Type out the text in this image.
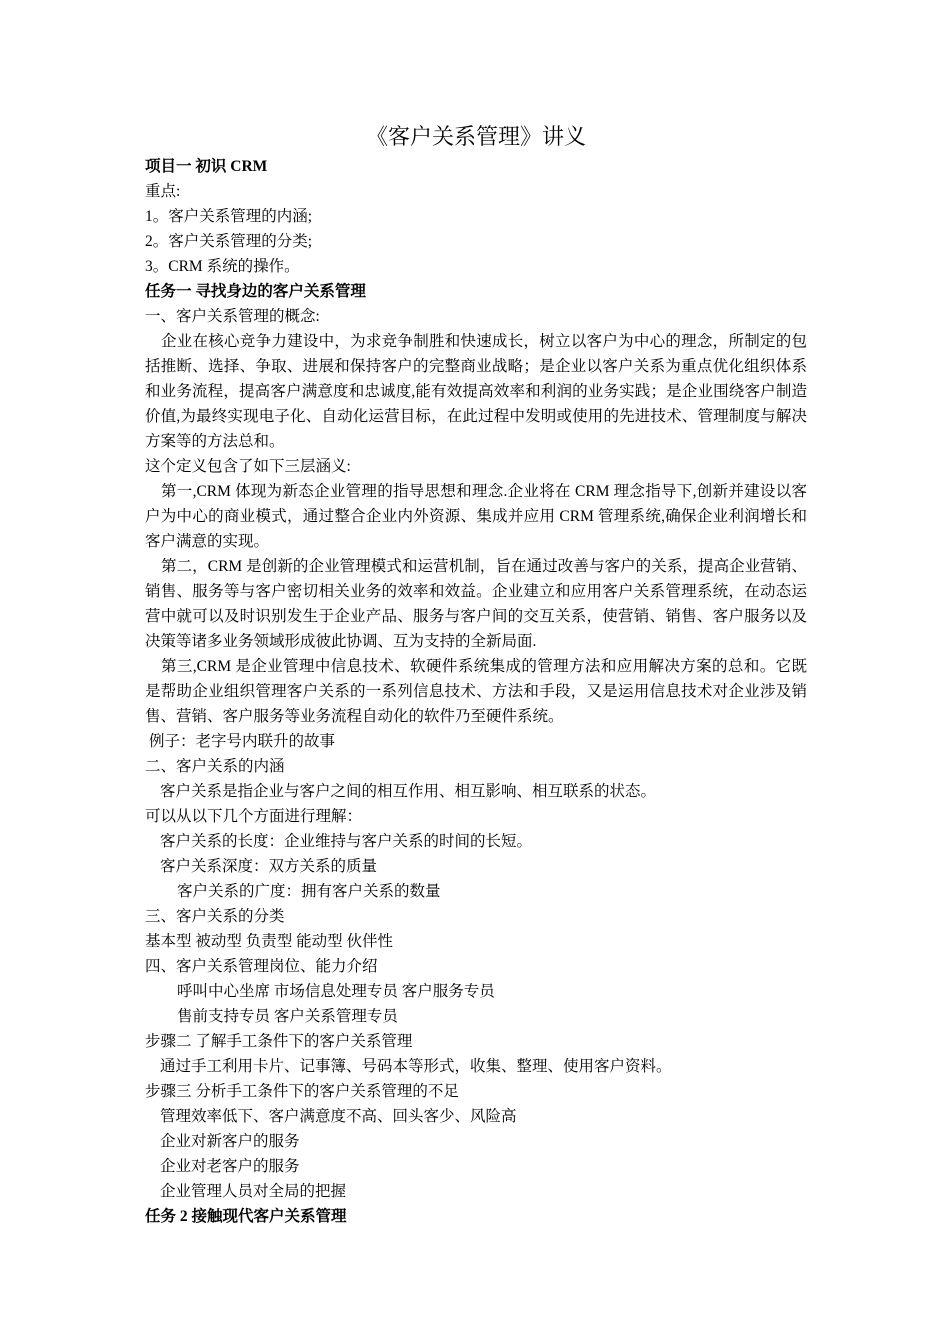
《客户关系管理》讲义

项目一 初识 CRM

重点:

1。客户关系管理的内涵;

2。客户关系管理的分类;

3。CRM 系统的操作。

任务一 寻找身边的客户关系管理

一、客户关系管理的概念:

企业在核心竞争力建设中，为求竞争制胜和快速成长，树立以客户为中心的理念，所制定的包括推断、选择、争取、进展和保持客户的完整商业战略；是企业以客户关系为重点优化组织体系和业务流程，提高客户满意度和忠诚度,能有效提高效率和利润的业务实践；是企业围绕客户制造价值,为最终实现电子化、自动化运营目标，在此过程中发明或使用的先进技术、管理制度与解决方案等的方法总和。

这个定义包含了如下三层涵义:

第一,CRM 体现为新态企业管理的指导思想和理念.企业将在 CRM 理念指导下,创新并建设以客户为中心的商业模式，通过整合企业内外资源、集成并应用 CRM 管理系统,确保企业利润增长和客户满意的实现。

第二，CRM 是创新的企业管理模式和运营机制，旨在通过改善与客户的关系，提高企业营销、销售、服务等与客户密切相关业务的效率和效益。企业建立和应用客户关系管理系统，在动态运营中就可以及时识别发生于企业产品、服务与客户间的交互关系，使营销、销售、客户服务以及决策等诸多业务领域形成彼此协调、互为支持的全新局面.

第三,CRM 是企业管理中信息技术、软硬件系统集成的管理方法和应用解决方案的总和。它既是帮助企业组织管理客户关系的一系列信息技术、方法和手段，又是运用信息技术对企业涉及销售、营销、客户服务等业务流程自动化的软件乃至硬件系统。

例子：老字号内联升的故事

二、客户关系的内涵

客户关系是指企业与客户之间的相互作用、相互影响、相互联系的状态。

可以从以下几个方面进行理解：

客户关系的长度：企业维持与客户关系的时间的长短。

客户关系深度：双方关系的质量

客户关系的广度：拥有客户关系的数量

三、客户关系的分类

基本型 被动型 负责型 能动型 伙伴性

四、客户关系管理岗位、能力介绍

呼叫中心坐席 市场信息处理专员 客户服务专员

售前支持专员 客户关系管理专员

步骤二 了解手工条件下的客户关系管理

通过手工利用卡片、记事簿、号码本等形式，收集、整理、使用客户资料。

步骤三 分析手工条件下的客户关系管理的不足

管理效率低下、客户满意度不高、回头客少、风险高

企业对新客户的服务

企业对老客户的服务

企业管理人员对全局的把握

任务 2 接触现代客户关系管理
